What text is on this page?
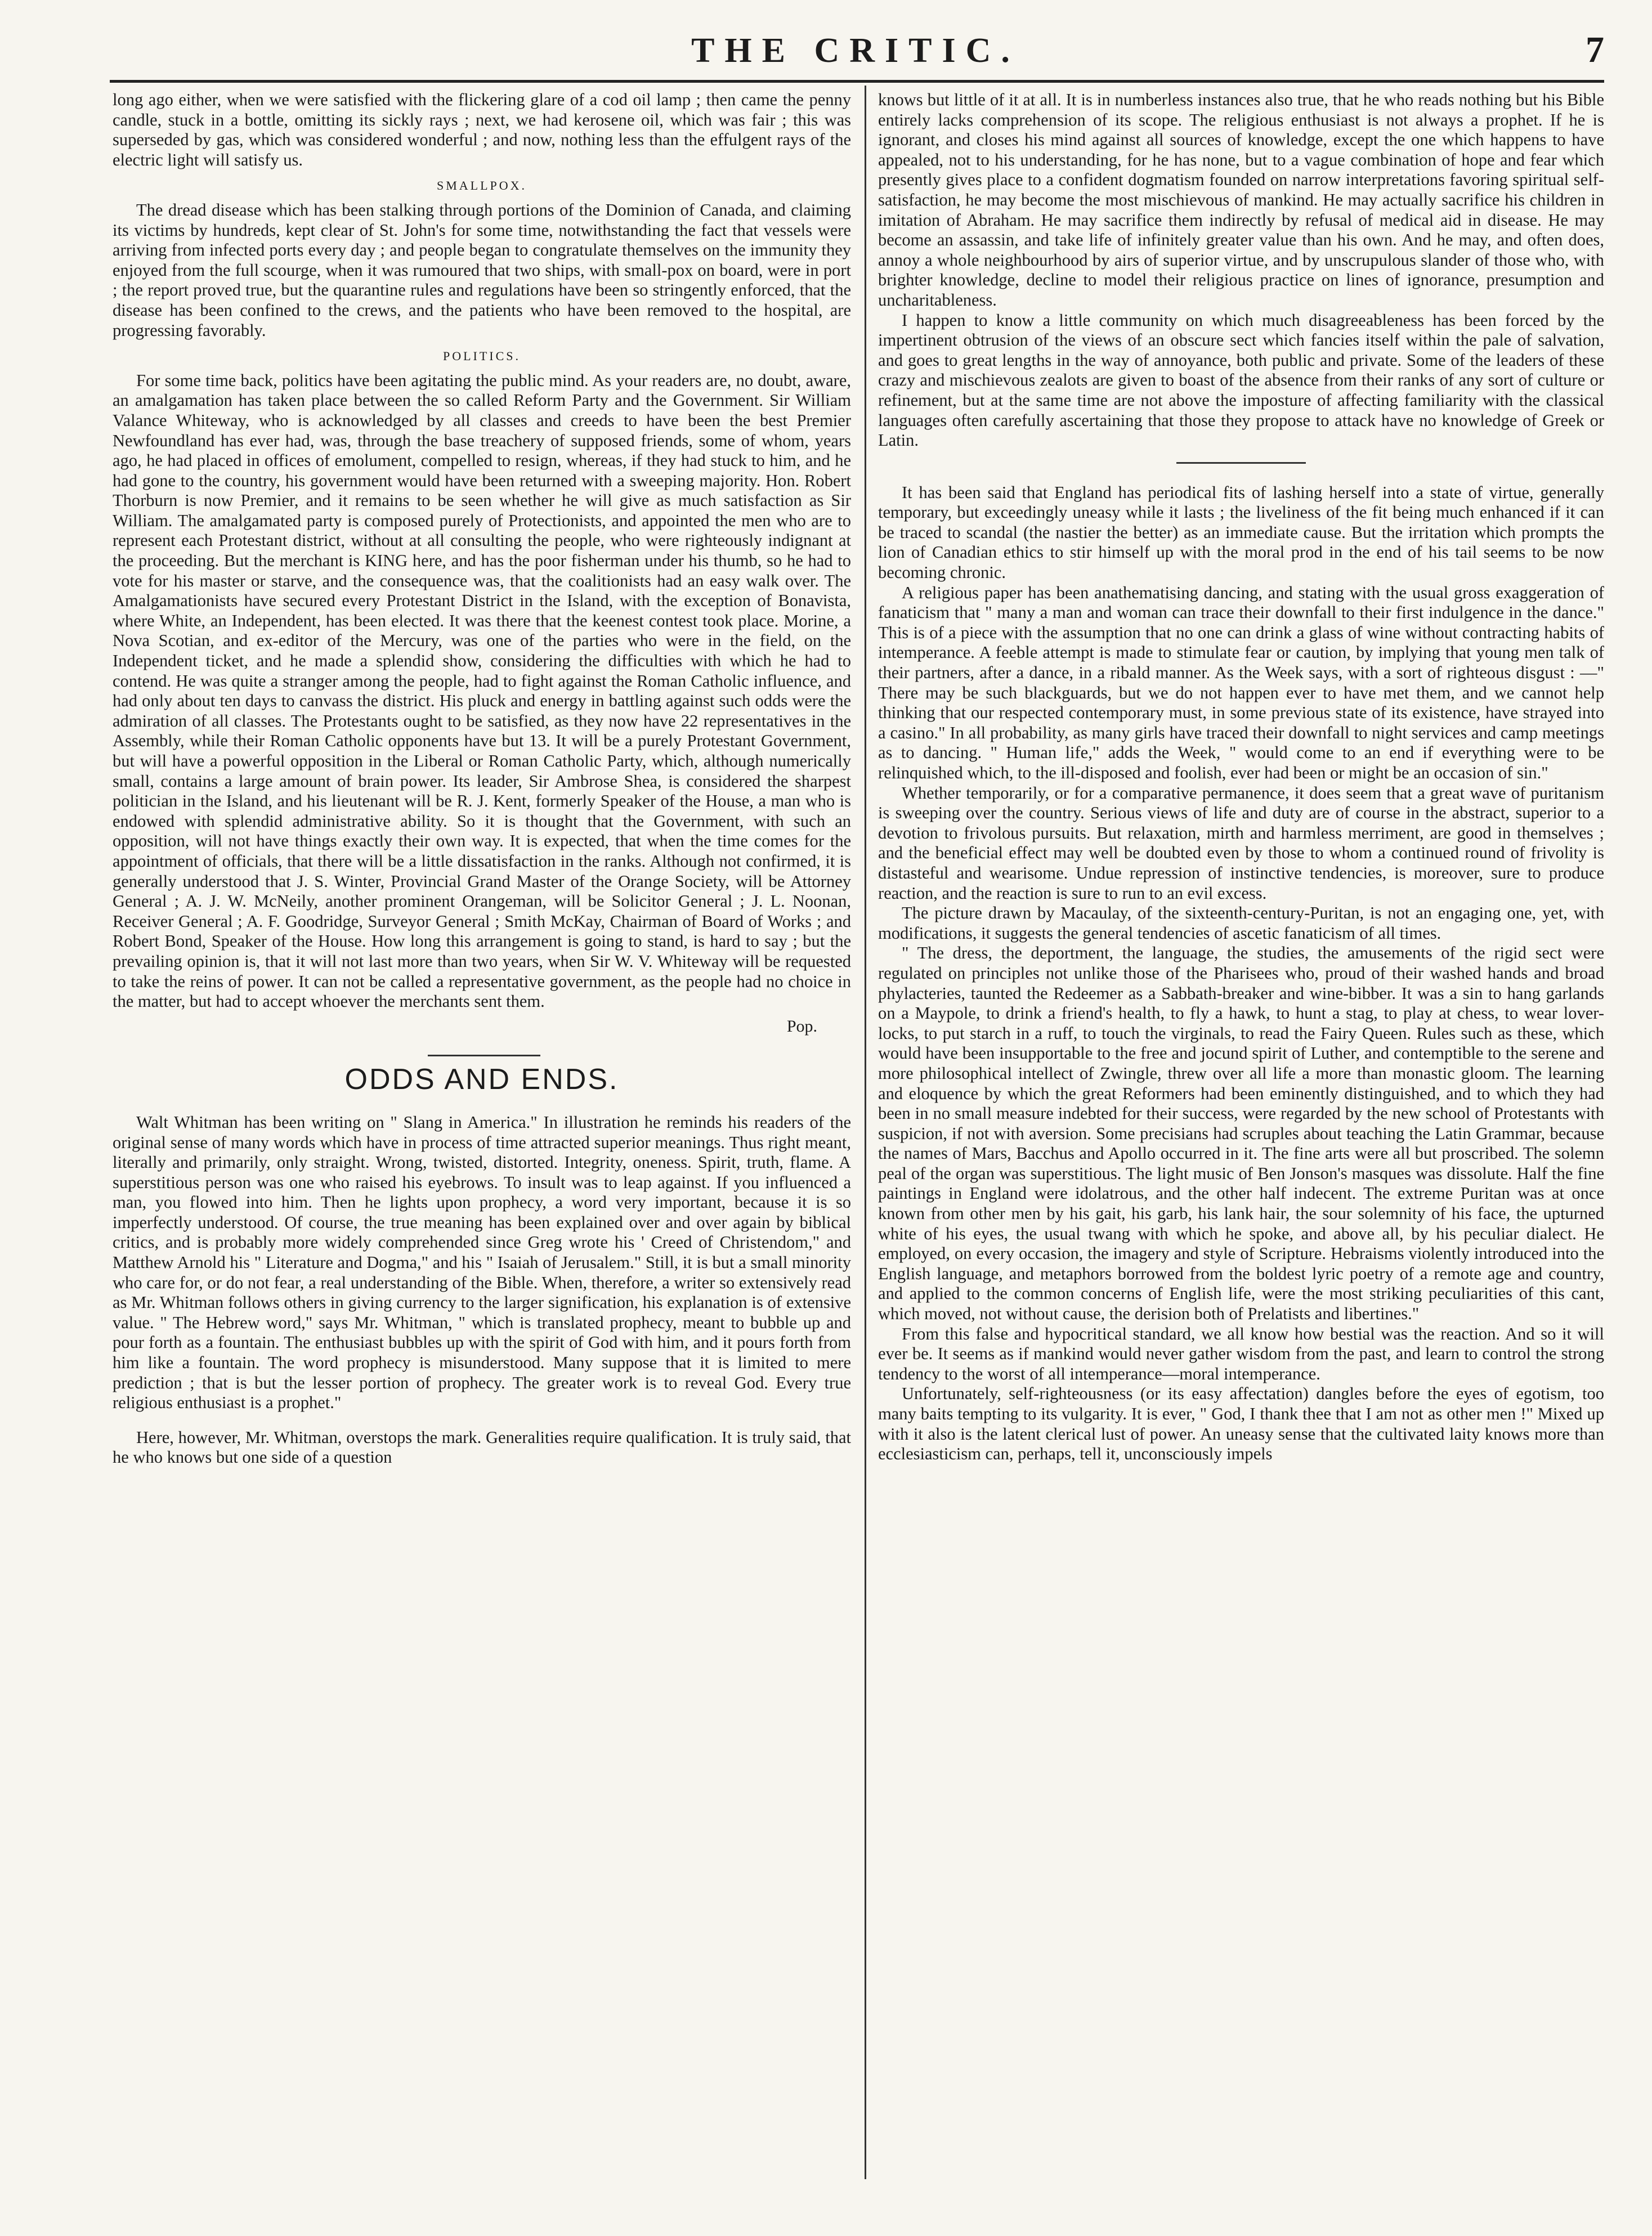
THE CRITIC.	7

long ago either, when we were satisfied with the flickering glare of a cod oil lamp ; then came the penny candle, stuck in a bottle, omitting its sickly rays ; next, we had kerosene oil, which was fair ; this was superseded by gas, which was considered wonderful ; and now, nothing less than the effulgent rays of the electric light will satisfy us.

SMALLPOX.

The dread disease which has been stalking through portions of the Dominion of Canada, and claiming its victims by hundreds, kept clear of St. John's for some time, notwithstanding the fact that vessels were arriving from infected ports every day ; and people began to congratulate themselves on the immunity they enjoyed from the full scourge, when it was rumoured that two ships, with small-pox on board, were in port ; the report proved true, but the quarantine rules and regulations have been so stringently enforced, that the disease has been confined to the crews, and the patients who have been removed to the hospital, are progressing favorably.

POLITICS.

For some time back, politics have been agitating the public mind. As your readers are, no doubt, aware, an amalgamation has taken place between the so called Reform Party and the Government. Sir William Valance Whiteway, who is acknowledged by all classes and creeds to have been the best Premier Newfoundland has ever had, was, through the base treachery of supposed friends, some of whom, years ago, he had placed in offices of emolument, compelled to resign, whereas, if they had stuck to him, and he had gone to the country, his government would have been returned with a sweeping majority. Hon. Robert Thorburn is now Premier, and it remains to be seen whether he will give as much satisfaction as Sir William. The amalgamated party is composed purely of Protectionists, and appointed the men who are to represent each Protestant district, without at all consulting the people, who were righteously indignant at the proceeding. But the merchant is KING here, and has the poor fisherman under his thumb, so he had to vote for his master or starve, and the consequence was, that the coalitionists had an easy walk over. The Amalgamationists have secured every Protestant District in the Island, with the exception of Bonavista, where White, an Independent, has been elected. It was there that the keenest contest took place. Morine, a Nova Scotian, and ex-editor of the Mercury, was one of the parties who were in the field, on the Independent ticket, and he made a splendid show, considering the difficulties with which he had to contend. He was quite a stranger among the people, had to fight against the Roman Catholic influence, and had only about ten days to canvass the district. His pluck and energy in battling against such odds were the admiration of all classes. The Protestants ought to be satisfied, as they now have 22 representatives in the Assembly, while their Roman Catholic opponents have but 13. It will be a purely Protestant Government, but will have a powerful opposition in the Liberal or Roman Catholic Party, which, although numerically small, contains a large amount of brain power. Its leader, Sir Ambrose Shea, is considered the sharpest politician in the Island, and his lieutenant will be R. J. Kent, formerly Speaker of the House, a man who is endowed with splendid administrative ability. So it is thought that the Government, with such an opposition, will not have things exactly their own way. It is expected, that when the time comes for the appointment of officials, that there will be a little dissatisfaction in the ranks. Although not confirmed, it is generally understood that J. S. Winter, Provincial Grand Master of the Orange Society, will be Attorney General ; A. J. W. McNeily, another prominent Orangeman, will be Solicitor General ; J. L. Noonan, Receiver General ; A. F. Goodridge, Surveyor General ; Smith McKay, Chairman of Board of Works ; and Robert Bond, Speaker of the House. How long this arrangement is going to stand, is hard to say ; but the prevailing opinion is, that it will not last more than two years, when Sir W. V. Whiteway will be requested to take the reins of power. It can not be called a representative government, as the people had no choice in the matter, but had to accept whoever the merchants sent them.

Pop.
ODDS AND ENDS.

Walt Whitman has been writing on " Slang in America." In illustration he reminds his readers of the original sense of many words which have in process of time attracted superior meanings. Thus right meant, literally and primarily, only straight. Wrong, twisted, distorted. Integrity, oneness. Spirit, truth, flame. A superstitious person was one who raised his eyebrows. To insult was to leap against. If you influenced a man, you flowed into him. Then he lights upon prophecy, a word very important, because it is so imperfectly understood. Of course, the true meaning has been explained over and over again by biblical critics, and is probably more widely comprehended since Greg wrote his ' Creed of Christendom," and Matthew Arnold his " Literature and Dogma," and his " Isaiah of Jerusalem." Still, it is but a small minority who care for, or do not fear, a real understanding of the Bible. When, therefore, a writer so extensively read as Mr. Whitman follows others in giving currency to the larger signification, his explanation is of extensive value. " The Hebrew word," says Mr. Whitman, " which is translated prophecy, meant to bubble up and pour forth as a fountain. The enthusiast bubbles up with the spirit of God with him, and it pours forth from him like a fountain. The word prophecy is misunderstood. Many suppose that it is limited to mere prediction ; that is but the lesser portion of prophecy. The greater work is to reveal God. Every true religious enthusiast is a prophet."

Here, however, Mr. Whitman, overstops the mark. Generalities require qualification. It is truly said, that he who knows but one side of a question

knows but little of it at all. It is in numberless instances also true, that he who reads nothing but his Bible entirely lacks comprehension of its scope. The religious enthusiast is not always a prophet. If he is ignorant, and closes his mind against all sources of knowledge, except the one which happens to have appealed, not to his understanding, for he has none, but to a vague combination of hope and fear which presently gives place to a confident dogmatism founded on narrow interpretations favoring spiritual self-satisfaction, he may become the most mischievous of mankind. He may actually sacrifice his children in imitation of Abraham. He may sacrifice them indirectly by refusal of medical aid in disease. He may become an assassin, and take life of infinitely greater value than his own. And he may, and often does, annoy a whole neighbourhood by airs of superior virtue, and by unscrupulous slander of those who, with brighter knowledge, decline to model their religious practice on lines of ignorance, presumption and uncharitableness.

I happen to know a little community on which much disagreeableness has been forced by the impertinent obtrusion of the views of an obscure sect which fancies itself within the pale of salvation, and goes to great lengths in the way of annoyance, both public and private. Some of the leaders of these crazy and mischievous zealots are given to boast of the absence from their ranks of any sort of culture or refinement, but at the same time are not above the imposture of affecting familiarity with the classical languages often carefully ascertaining that those they propose to attack have no knowledge of Greek or Latin.

It has been said that England has periodical fits of lashing herself into a state of virtue, generally temporary, but exceedingly uneasy while it lasts ; the liveliness of the fit being much enhanced if it can be traced to scandal (the nastier the better) as an immediate cause. But the irritation which prompts the lion of Canadian ethics to stir himself up with the moral prod in the end of his tail seems to be now becoming chronic.

A religious paper has been anathematising dancing, and stating with the usual gross exaggeration of fanaticism that " many a man and woman can trace their downfall to their first indulgence in the dance." This is of a piece with the assumption that no one can drink a glass of wine without contracting habits of intemperance. A feeble attempt is made to stimulate fear or caution, by implying that young men talk of their partners, after a dance, in a ribald manner. As the Week says, with a sort of righteous disgust : —" There may be such blackguards, but we do not happen ever to have met them, and we cannot help thinking that our respected contemporary must, in some previous state of its existence, have strayed into a casino." In all probability, as many girls have traced their downfall to night services and camp meetings as to dancing. " Human life," adds the Week, " would come to an end if everything were to be relinquished which, to the ill-disposed and foolish, ever had been or might be an occasion of sin."

Whether temporarily, or for a comparative permanence, it does seem that a great wave of puritanism is sweeping over the country. Serious views of life and duty are of course in the abstract, superior to a devotion to frivolous pursuits. But relaxation, mirth and harmless merriment, are good in themselves ; and the beneficial effect may well be doubted even by those to whom a continued round of frivolity is distasteful and wearisome. Undue repression of instinctive tendencies, is moreover, sure to produce reaction, and the reaction is sure to run to an evil excess.

The picture drawn by Macaulay, of the sixteenth-century-Puritan, is not an engaging one, yet, with modifications, it suggests the general tendencies of ascetic fanaticism of all times.

" The dress, the deportment, the language, the studies, the amusements of the rigid sect were regulated on principles not unlike those of the Pharisees who, proud of their washed hands and broad phylacteries, taunted the Redeemer as a Sabbath-breaker and wine-bibber. It was a sin to hang garlands on a Maypole, to drink a friend's health, to fly a hawk, to hunt a stag, to play at chess, to wear lover-locks, to put starch in a ruff, to touch the virginals, to read the Fairy Queen. Rules such as these, which would have been insupportable to the free and jocund spirit of Luther, and contemptible to the serene and more philosophical intellect of Zwingle, threw over all life a more than monastic gloom. The learning and eloquence by which the great Reformers had been eminently distinguished, and to which they had been in no small measure indebted for their success, were regarded by the new school of Protestants with suspicion, if not with aversion. Some precisians had scruples about teaching the Latin Grammar, because the names of Mars, Bacchus and Apollo occurred in it. The fine arts were all but proscribed. The solemn peal of the organ was superstitious. The light music of Ben Jonson's masques was dissolute. Half the fine paintings in England were idolatrous, and the other half indecent. The extreme Puritan was at once known from other men by his gait, his garb, his lank hair, the sour solemnity of his face, the upturned white of his eyes, the usual twang with which he spoke, and above all, by his peculiar dialect. He employed, on every occasion, the imagery and style of Scripture. Hebraisms violently introduced into the English language, and metaphors borrowed from the boldest lyric poetry of a remote age and country, and applied to the common concerns of English life, were the most striking peculiarities of this cant, which moved, not without cause, the derision both of Prelatists and libertines."

From this false and hypocritical standard, we all know how bestial was the reaction. And so it will ever be. It seems as if mankind would never gather wisdom from the past, and learn to control the strong tendency to the worst of all intemperance—moral intemperance.

Unfortunately, self-righteousness (or its easy affectation) dangles before the eyes of egotism, too many baits tempting to its vulgarity. It is ever, " God, I thank thee that I am not as other men !" Mixed up with it also is the latent clerical lust of power. An uneasy sense that the cultivated laity knows more than ecclesiasticism can, perhaps, tell it, unconsciously impels
